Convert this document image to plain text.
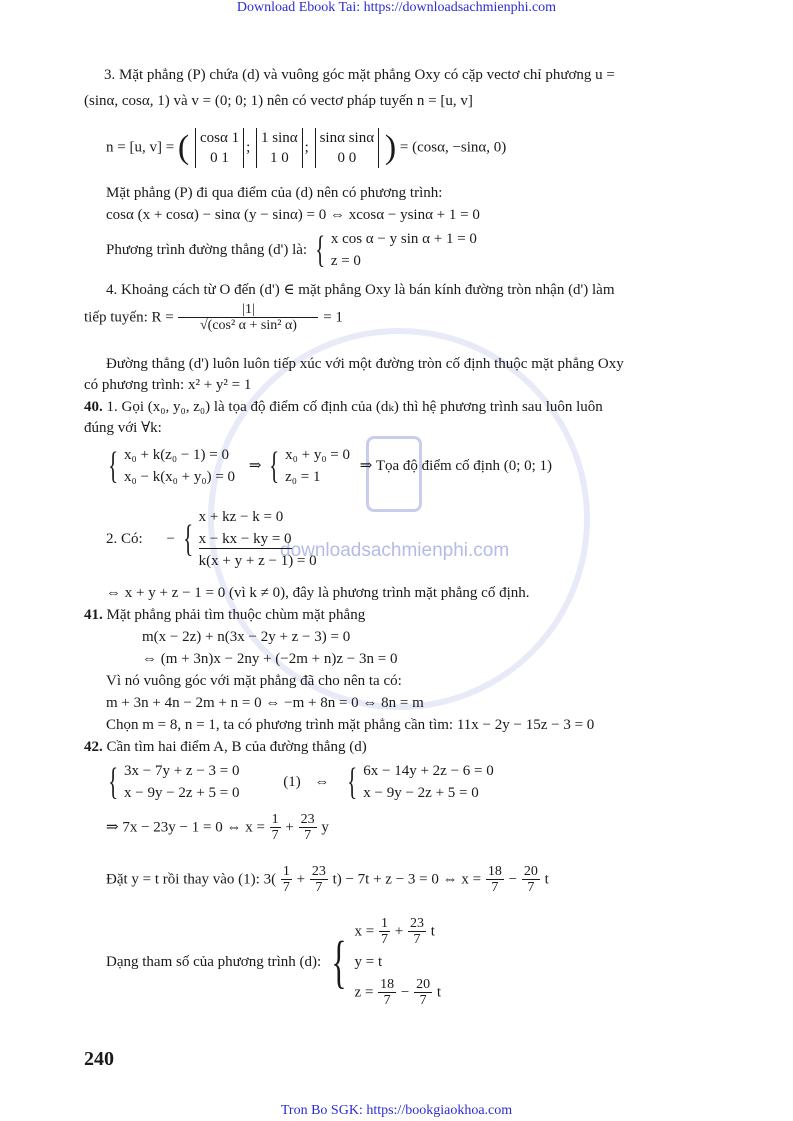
downloadsachmienphi.com
Download Ebook Tai: https://downloadsachmienphi.com
Tron Bo SGK: https://bookgiaokhoa.com
3. Mặt phẳng (P) chứa (d) và vuông góc mặt phẳng Oxy có cặp vectơ chỉ phương u =
(sinα, cosα, 1) và v = (0; 0; 1) nên có vectơ pháp tuyến n = [u, v]
n = [u, v] = ( cosα 1
0 1
;
1 sinα
1 0
;
sinα sinα
0 0 ) = (cosα, −sinα, 0)
Mặt phẳng (P) đi qua điểm của (d) nên có phương trình:
cosα (x + cosα) − sinα (y − sinα) = 0 ⇔ xcosα − ysinα + 1 = 0
Phương trình đường thẳng (d') là: { x cos α − y sin α + 1 = 0
z = 0
4. Khoảng cách từ O đến (d') ∈ mặt phẳng Oxy là bán kính đường tròn nhận (d') làm
tiếp tuyến: $R = \frac{|1|}{\text{√(cos² α + sin² α)}} = 1$
Đường thẳng (d') luôn luôn tiếp xúc với một đường tròn cố định thuộc mặt phẳng Oxy
có phương trình: x² + y² = 1
40. 1. Gọi (x₀, y₀, z₀) là tọa độ điểm cố định của (dₖ) thì hệ phương trình sau luôn luôn
đúng với ∀k:
{ x₀ + k(z₀ − 1) = 0
x₀ − k(x₀ + y₀) = 0
⇒ { x₀ + y₀ = 0
z₀ = 1
⇒ Tọa độ điểm cố định (0; 0; 1)
2. Có: − {
x + kz − k = 0
x − kx − ky = 0
k(x + y + z − 1) = 0
⇔ x + y + z − 1 = 0 (vì k ≠ 0), đây là phương trình mặt phẳng cố định.
41. Mặt phẳng phải tìm thuộc chùm mặt phẳng
m(x − 2z) + n(3x − 2y + z − 3) = 0
⇔ (m + 3n)x − 2ny + (−2m + n)z − 3n = 0
Vì nó vuông góc với mặt phẳng đã cho nên ta có:
m + 3n + 4n − 2m + n = 0 ⇔ −m + 8n = 0 ⇔ 8n = m
Chọn m = 8, n = 1, ta có phương trình mặt phẳng cần tìm: 11x − 2y − 15z − 3 = 0
42. Cần tìm hai điểm A, B của đường thẳng (d)
{ 3x − 7y + z − 3 = 0
x − 9y − 2z + 5 = 0
(1) ⇔ { 6x − 14y + 2z − 6 = 0
x − 9y − 2z + 5 = 0
⇒ 7x − 23y − 1 = 0 ⇔ $x = \frac{1}{7} + \frac{23}{7}$ y
Đặt y = t rồi thay vào (1): $3( \frac{1}{7} + \frac{23}{7} t) - 7t + z - 3 = 0$ ⇔ $x = \frac{18}{7} - \frac{20}{7}$ t
Dạng tham số của phương trình (d): { $x = \frac{1}{7} + \frac{23}{7}$ t
y = t
$z = \frac{18}{7} - \frac{20}{7}$ t
240
